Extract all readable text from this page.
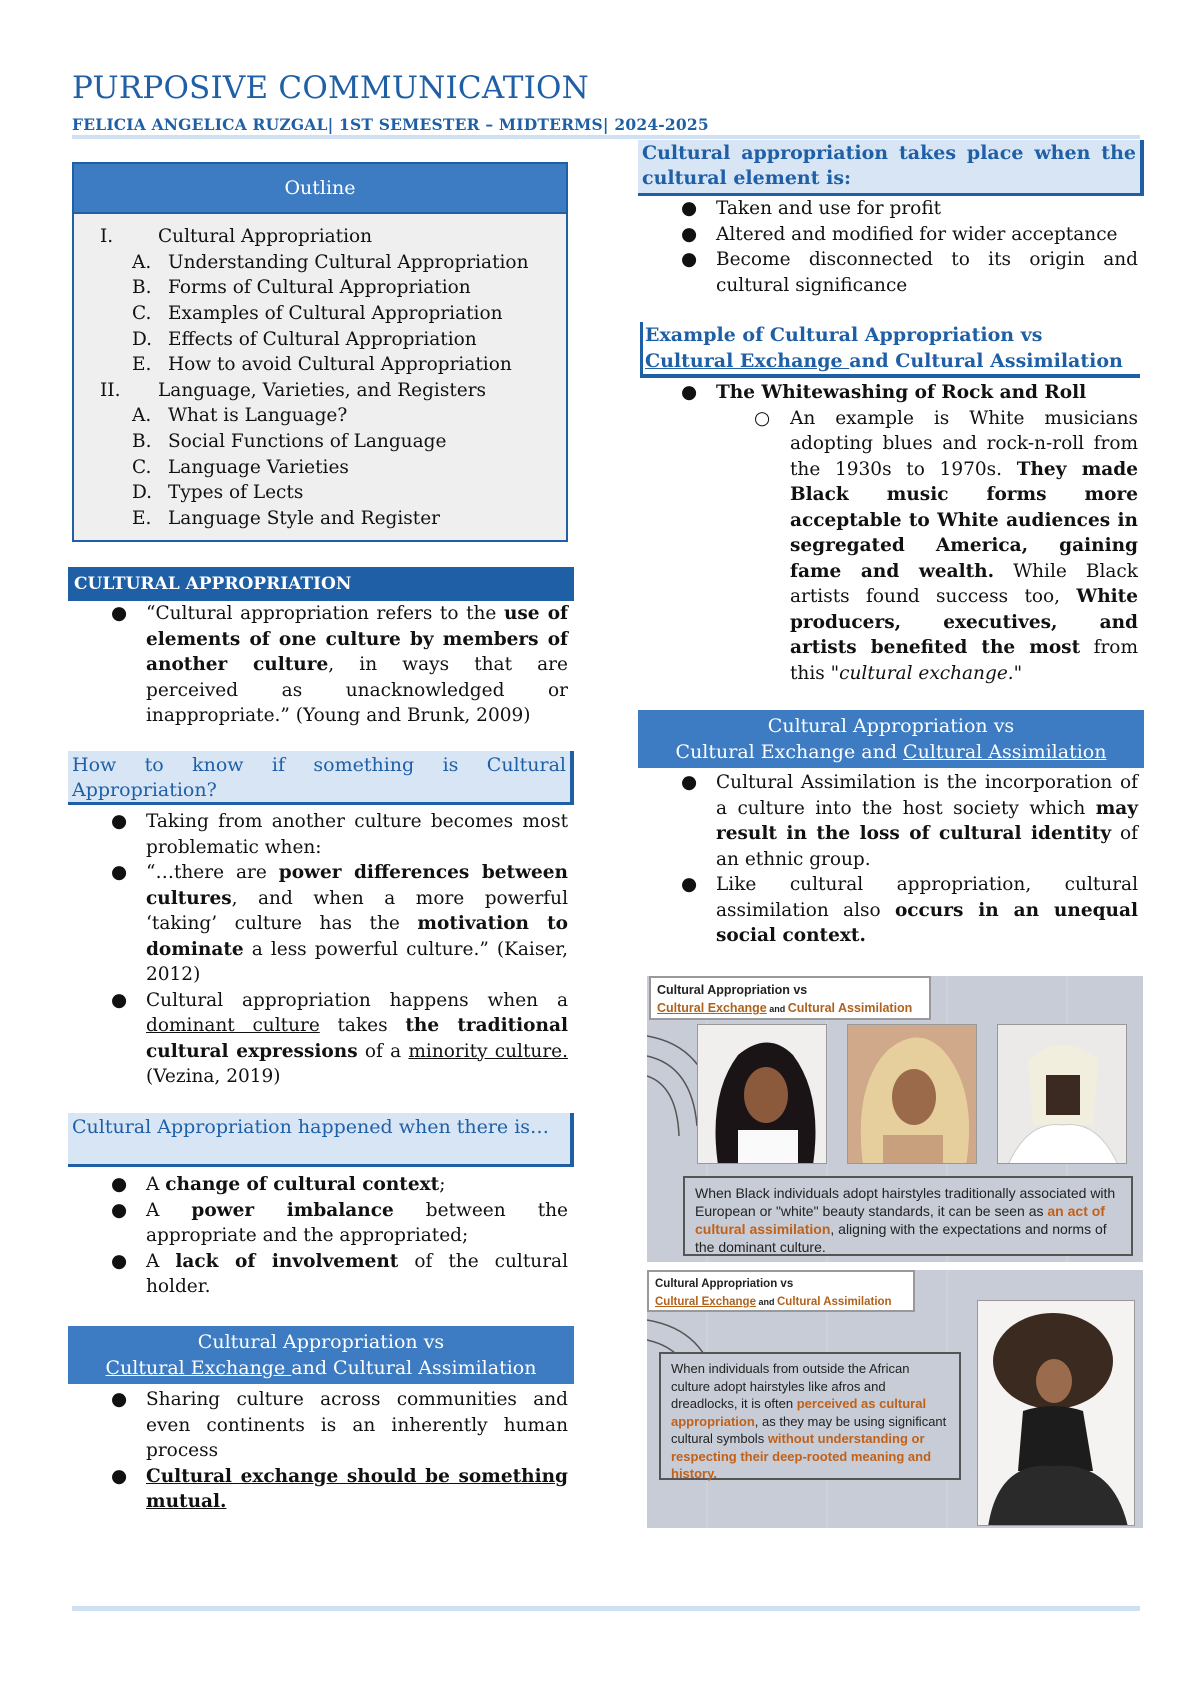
PURPOSIVE COMMUNICATION
FELICIA ANGELICA RUZGAL| 1ST SEMESTER – MIDTERMS| 2024-2025
Outline
I. Cultural Appropriation
A. Understanding Cultural Appropriation
B. Forms of Cultural Appropriation
C. Examples of Cultural Appropriation
D. Effects of Cultural Appropriation
E. How to avoid Cultural Appropriation
II. Language, Varieties, and Registers
A. What is Language?
B. Social Functions of Language
C. Language Varieties
D. Types of Lects
E. Language Style and Register
CULTURAL APPROPRIATION
● “Cultural appropriation refers to the use of elements of one culture by members of another culture, in ways that are perceived as unacknowledged or inappropriate.” (Young and Brunk, 2009)
How to know if something is Cultural Appropriation?
● Taking from another culture becomes most problematic when:
● “…there are power differences between cultures, and when a more powerful ‘taking’ culture has the motivation to dominate a less powerful culture.” (Kaiser, 2012)
● Cultural appropriation happens when a dominant culture takes the traditional cultural expressions of a minority culture. (Vezina, 2019)
Cultural Appropriation happened when there is…
● A change of cultural context;
● A power imbalance between the appropriate and the appropriated;
● A lack of involvement of the cultural holder.
Cultural Appropriation vs
Cultural Exchange and Cultural Assimilation
● Sharing culture across communities and even continents is an inherently human process
● Cultural exchange should be something mutual.
Cultural appropriation takes place when the cultural element is:
● Taken and use for profit
● Altered and modified for wider acceptance
● Become disconnected to its origin and cultural significance
Example of Cultural Appropriation vs
Cultural Exchange and Cultural Assimilation
● The Whitewashing of Rock and Roll
○ An example is White musicians adopting blues and rock-n-roll from the 1930s to 1970s. They made Black music forms more acceptable to White audiences in segregated America, gaining fame and wealth. While Black artists found success too, White producers, executives, and artists benefited the most from this "cultural exchange."
Cultural Appropriation vs
Cultural Exchange and Cultural Assimilation
● Cultural Assimilation is the incorporation of a culture into the host society which may result in the loss of cultural identity of an ethnic group.
● Like cultural appropriation, cultural assimilation also occurs in an unequal social context.
Cultural Appropriation vs
Cultural Exchange and Cultural Assimilation
When Black individuals adopt hairstyles traditionally associated with European or "white" beauty standards, it can be seen as an act of cultural assimilation, aligning with the expectations and norms of the dominant culture.
Cultural Appropriation vs
Cultural Exchange and Cultural Assimilation
When individuals from outside the African culture adopt hairstyles like afros and dreadlocks, it is often perceived as cultural appropriation, as they may be using significant cultural symbols without understanding or respecting their deep-rooted meaning and history.
